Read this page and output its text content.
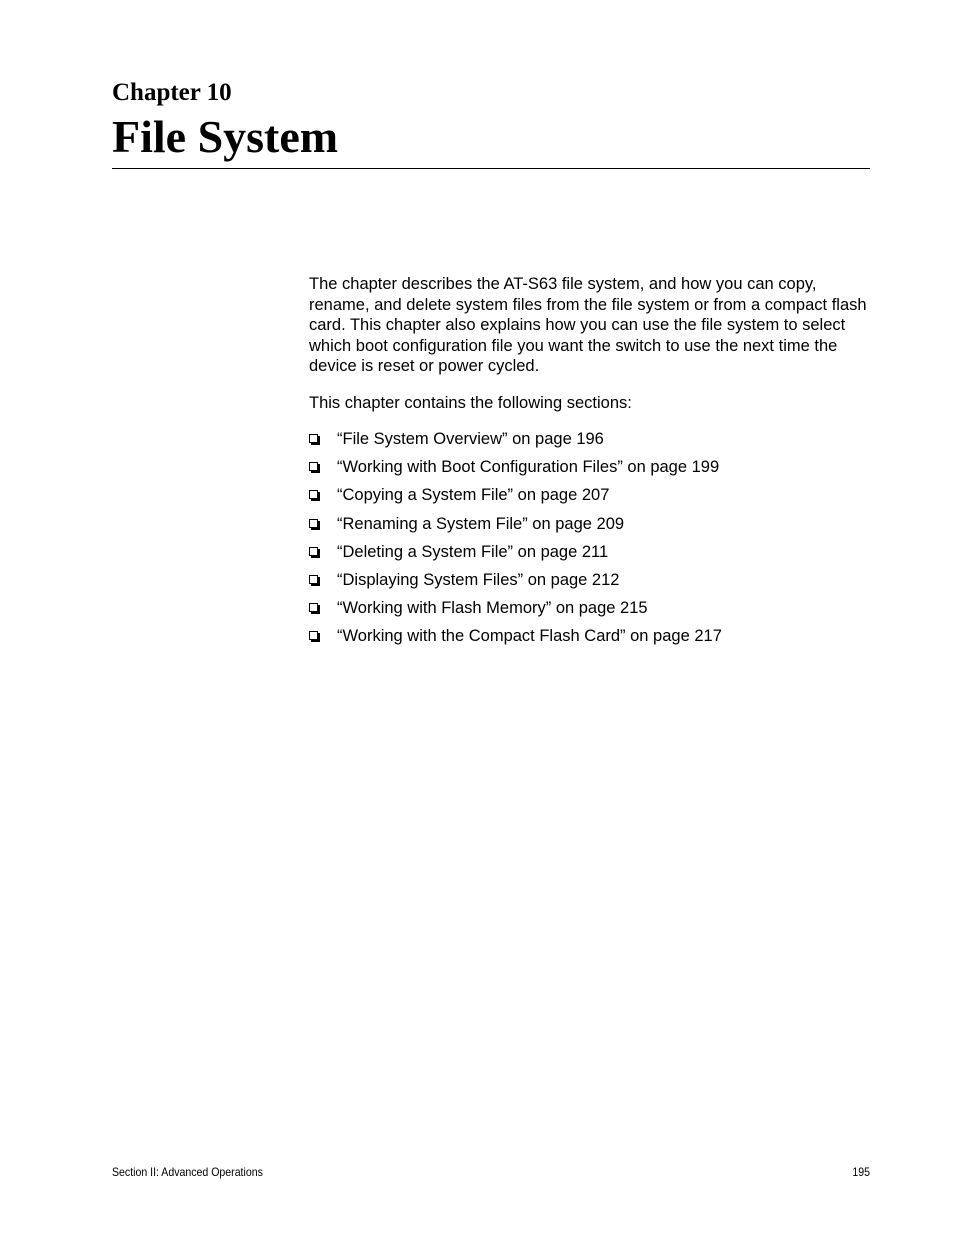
Chapter 10
File System

The chapter describes the AT-S63 file system, and how you can copy, rename, and delete system files from the file system or from a compact flash card. This chapter also explains how you can use the file system to select which boot configuration file you want the switch to use the next time the device is reset or power cycled.

This chapter contains the following sections:

“File System Overview” on page 196
“Working with Boot Configuration Files” on page 199
“Copying a System File” on page 207
“Renaming a System File” on page 209
“Deleting a System File” on page 211
“Displaying System Files” on page 212
“Working with Flash Memory” on page 215
“Working with the Compact Flash Card” on page 217
Section II: Advanced Operations	195
